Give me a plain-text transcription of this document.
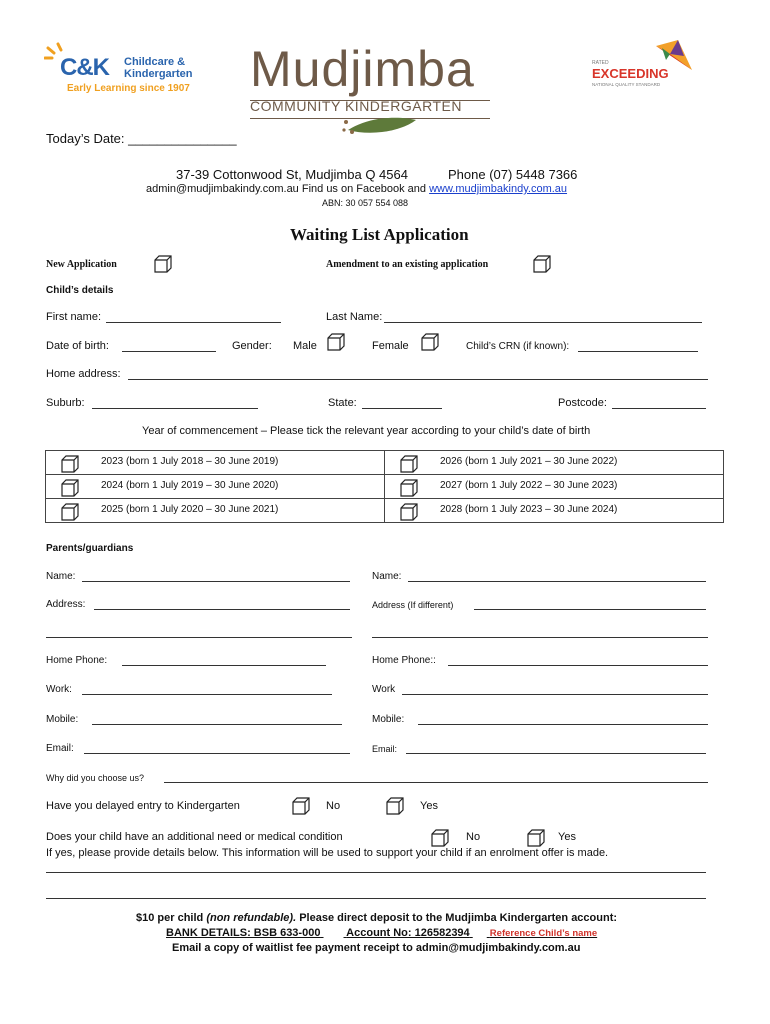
C&K Childcare &
Kindergarten
Early Learning since 1907 Mudjimba
COMMUNITY KINDERGARTEN
RATED
EXCEEDING
NATIONAL QUALITY STANDARD
Today’s Date: _______________
37-39 Cottonwood St, Mudjimba Q 4564	Phone (07) 5448 7366
admin@mudjimbakindy.com.au Find us on Facebook and www.mudjimbakindy.com.au
ABN: 30 057 554 088
Waiting List Application
New Application	Amendment to an existing application
Child’s details
First name:	Last Name:
Date of birth:	Gender: Male	Female	Child’s CRN (if known):
Home address:
Suburb:	State:	Postcode:
Year of commencement – Please tick the relevant year according to your child’s date of birth
2023 (born 1 July 2018 – 30 June 2019)	2026 (born 1 July 2021 – 30 June 2022)

2024 (born 1 July 2019 – 30 June 2020)	2027 (born 1 July 2022 – 30 June 2023)

2025 (born 1 July 2020 – 30 June 2021)	2028 (born 1 July 2023 – 30 June 2024)
Parents/guardians
Name:	Name:
Address:	Address (If different)
Home Phone:	Home Phone::
Work:	Work
Mobile:	Mobile:
Email:	Email:
Why did you choose us?
Have you delayed entry to Kindergarten	No	Yes
Does your child have an additional need or medical condition	No	Yes
If yes, please provide details below. This information will be used to support your child if an enrolment offer is made.
$10 per child (non refundable). Please direct deposit to the Mudjimba Kindergarten account:
BANK DETAILS: BSB 633-000 Account No: 126582394 Reference Child’s name
Email a copy of waitlist fee payment receipt to admin@mudjimbakindy.com.au
